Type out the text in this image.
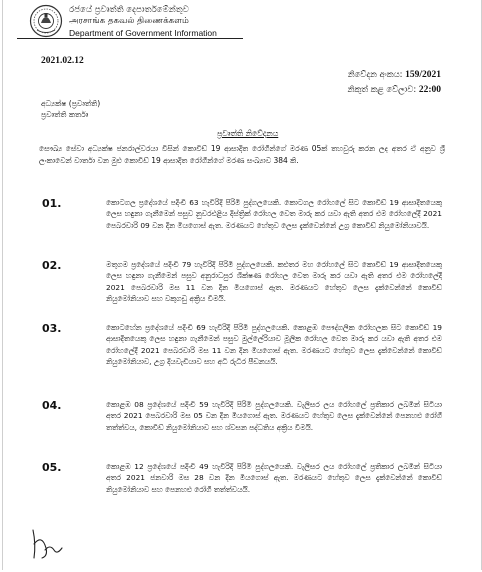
රජයේ ප්‍රවෘත්ති දෙපාර්තමේන්තුව
அரசாங்க தகவல் திணைக்களம்
Department of Government Information
2021.02.12
නිවේදන අංකය: 159/2021
නිකුත් කළ වේලාව: 22:00
අධ්‍යක්ෂ (ප්‍රවෘත්ති)
ප්‍රවෘත්ති කර්තෘ
ප්‍රවෘත්ති නිවේදනය
සෞඛ්‍ය සේවා අධ්‍යක්ෂ ජනරාල්වරයා විසින් කොවිඩ් 19 ආසාදිත රෝගීන්ගේ මරණ 05ක් තහවුරු කරන ලද අතර ඒ අනුව ශ්‍රී ලංකාවෙන් වාර්තා වන මුළු කොවිඩ් 19 ආසාදිත රෝගීන්ගේ මරණ සංඛ්‍යාව 384 කි.
01.	කොටගල ප්‍රදේශයේ පදිංචි 63 හැවිරිදි පිරිමි පුද්ගලයෙකි. කොටගල රෝහලේ සිට කොවිඩ් 19 ආසාදිතයෙකු ලෙස හඳුනා ගැනීමෙන් පසුව නුවරඑළිය දිස්ත්‍රික් රෝහල වෙත මාරු කර යවා ඇති අතර එම රෝහලේදී 2021 පෙබරවාරි 09 වන දින මියගොස් ඇත. මරණයට හේතුව ලෙස දැක්වෙන්නේ උග්‍ර කොවිඩ් නියුමෝනියාවයි.
02.	මතුගම ප්‍රදේශයේ පදිංචි 79 හැවිරිදි පිරිමි පුද්ගලයෙකි. කළුතර මහ රෝහලේ සිට කොවිඩ් 19 ආසාදිතයෙකු ලෙස හඳුනා ගැනීමෙන් පසුව අනුරාධපුර ශික්ෂණ රෝහල වෙත මාරු කර යවා ඇති අතර එම රෝහලේදී 2021 පෙබරවාරි මස 11 වන දින මියගොස් ඇත. මරණයට හේතුව ලෙස දැක්වෙන්නේ කොවිඩ් නියුමෝනියාව සහ වකුගඩු අක්‍රිය වීමයි.
03.	කොටහේන ප්‍රදේශයේ පදිංචි 69 හැවිරිදි පිරිමි පුද්ගලයෙකි. කොළඹ පෞද්ගලික රෝහලක සිට කොවිඩ් 19 ආසාදිතයෙකු ලෙස හඳුනා ගැනීමෙන් පසුව මුල්ලේරියාව මූලික රෝහල වෙත මාරු කර යවා ඇති අතර එම රෝහලේදී 2021 පෙබරවාරි මස 11 වන දින මියගොස් ඇත. මරණයට හේතුව ලෙස දැක්වෙන්නේ කොවිඩ් නියුමෝනියාව, උග්‍ර දියවැඩියාව සහ අධි රුධිර පීඩනයයි.
04.	කොළඹ 08 ප්‍රදේශයේ පදිංචි 59 හැවිරිදි පිරිමි පුද්ගලයෙකි. වැලිසර ලය රෝහලේ ප්‍රතිකාර ලබමින් සිටියා අතර 2021 පෙබරවාරි මස 05 වන දින මියගොස් ඇත. මරණයට හේතුව ලෙස දැක්වෙන්නේ පෙනහළු රෝගී තත්ත්වය, කොවිඩ් නියුමෝනියාව සහ ශ්වසන පද්ධතිය අක්‍රිය වීමයි.
05.	කොළඹ 12 ප්‍රදේශයේ පදිංචි 49 හැවිරිදි පිරිමි පුද්ගලයෙකි. වැලිසර ලය රෝහලේ ප්‍රතිකාර ලබමින් සිටියා අතර 2021 ජනවාරි මස 28 වන දින මියගොස් ඇත. මරණයට හේතුව ලෙස දැක්වෙන්නේ කොවිඩ් නියුමෝනියාව සහ පෙනහළු රෝගී තත්ත්වයයි.
